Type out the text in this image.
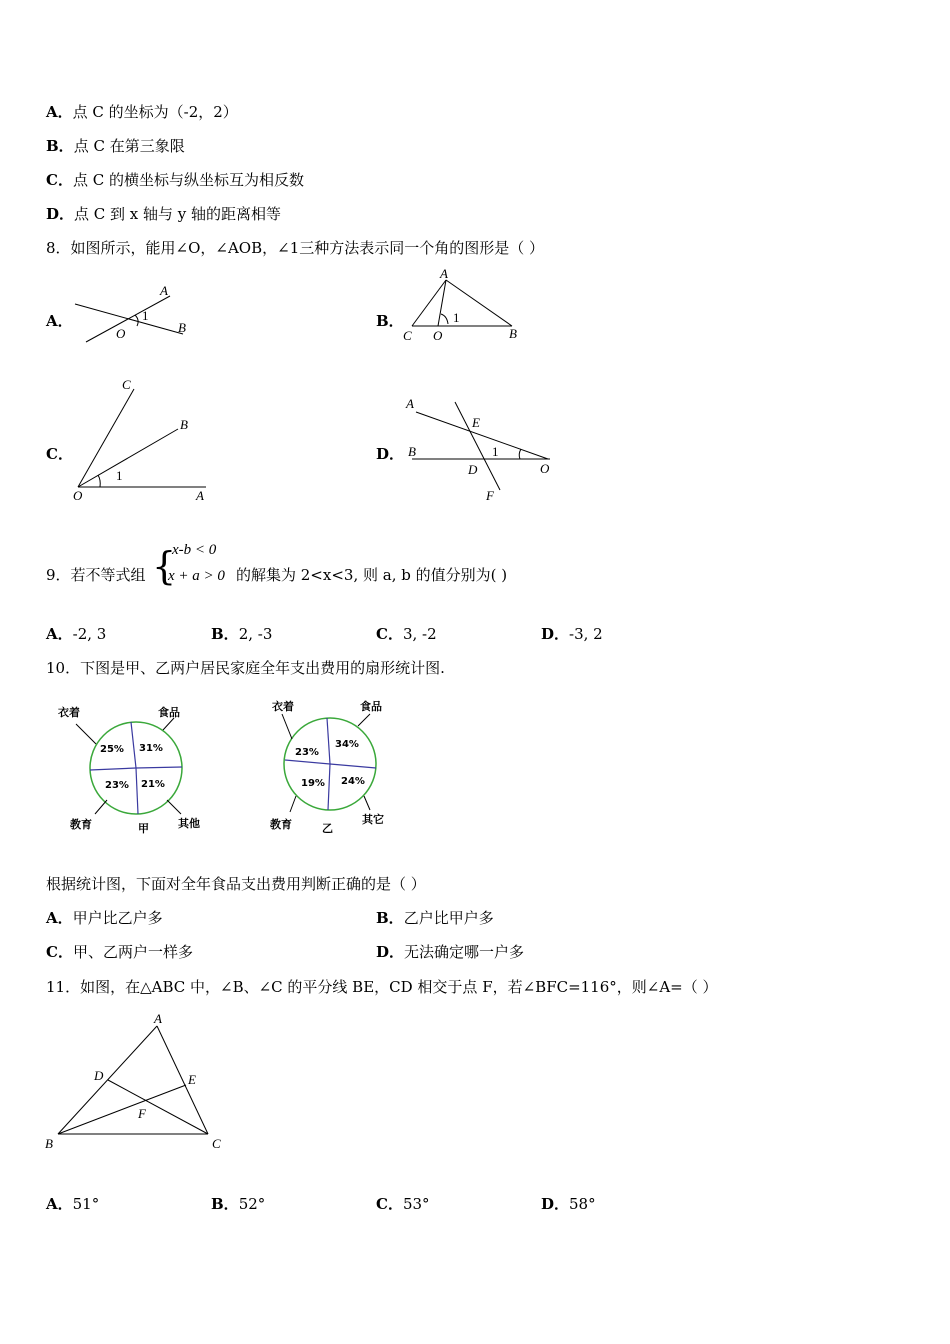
A．点 C 的坐标为（-2，2）
B．点 C 在第三象限
C．点 C 的横坐标与纵坐标互为相反数
D．点 C 到 x 轴与 y 轴的距离相等
8．如图所示，能用∠O，∠AOB，∠1三种方法表示同一个角的图形是（ ）
A．
A
O
1
B	B．
A
C O
1
B
C．
C
B
O
1
A
D．
A
E
B	1
D	O
F
9．若不等式组 {
x-b < 0
x + a > 0 的解集为 2<x<3, 则 a, b 的值分别为( )
A．-2, 3	B．2, -3	C．3, -2	D．-3, 2
10．下图是甲、乙两户居民家庭全年支出费用的扇形统计图.
衣着	食品
教育	其他
甲
25% 31%
23% 21%
衣着	食品
教育	其它
乙
23%
34%
19% 24%
根据统计图，下面对全年食品支出费用判断正确的是（ ）
A．甲户比乙户多	B．乙户比甲户多
C．甲、乙两户一样多	D．无法确定哪一户多
11．如图，在△ABC 中，∠B、∠C 的平分线 BE，CD 相交于点 F，若∠BFC=116°，则∠A=（ ）
A
D	E
F
B	C
A．51°	B．52°	C．53°	D．58°
